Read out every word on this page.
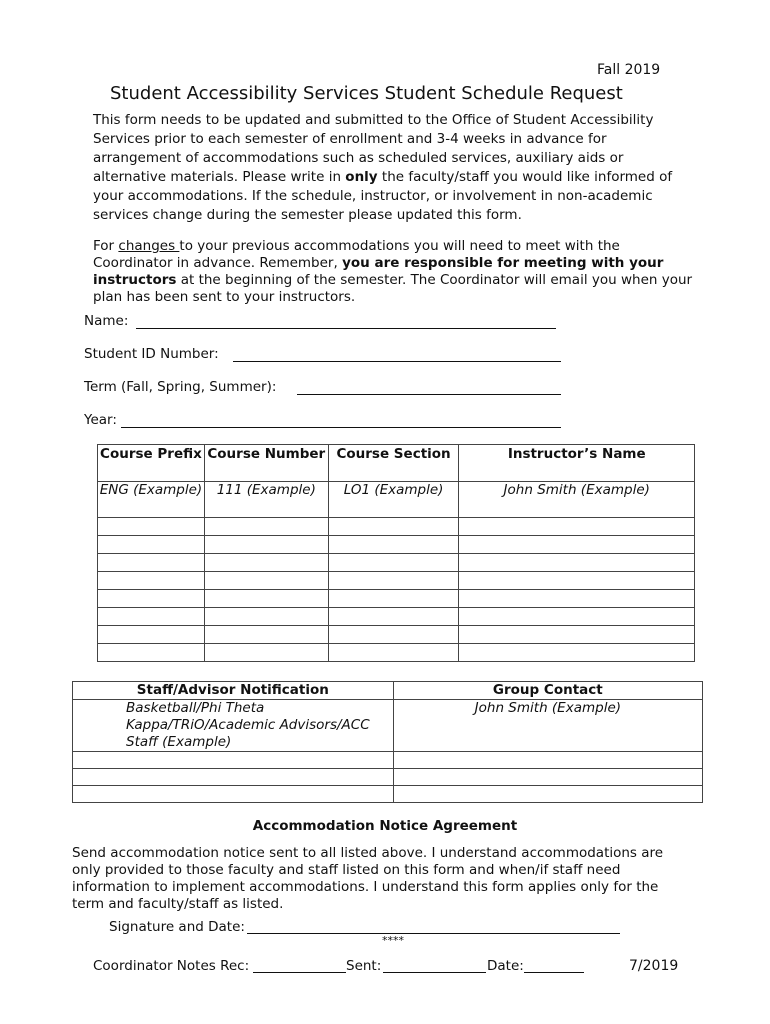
Fall 2019
Student Accessibility Services Student Schedule Request
This form needs to be updated and submitted to the Office of Student Accessibility Services prior to each semester of enrollment and 3-4 weeks in advance for arrangement of accommodations such as scheduled services, auxiliary aids or alternative materials. Please write in only the faculty/staff you would like informed of your accommodations. If the schedule, instructor, or involvement in non-academic services change during the semester please updated this form.
For changes to your previous accommodations you will need to meet with the Coordinator in advance. Remember, you are responsible for meeting with your instructors at the beginning of the semester. The Coordinator will email you when your plan has been sent to your instructors.
Name:
Student ID Number:
Term (Fall, Spring, Summer):
Year:
Course Prefix	Course Number	Course Section	Instructor’s Name
ENG (Example)	111 (Example)	LO1 (Example)	John Smith (Example)

Staff/Advisor Notification	Group Contact
Basketball/Phi Theta Kappa/TRiO/Academic Advisors/ACC Staff (Example)	John Smith (Example)

Accommodation Notice Agreement
Send accommodation notice sent to all listed above. I understand accommodations are only provided to those faculty and staff listed on this form and when/if staff need information to implement accommodations. I understand this form applies only for the term and faculty/staff as listed.
Signature and Date:
****
Coordinator Notes Rec:	Sent:	Date:	7/2019
